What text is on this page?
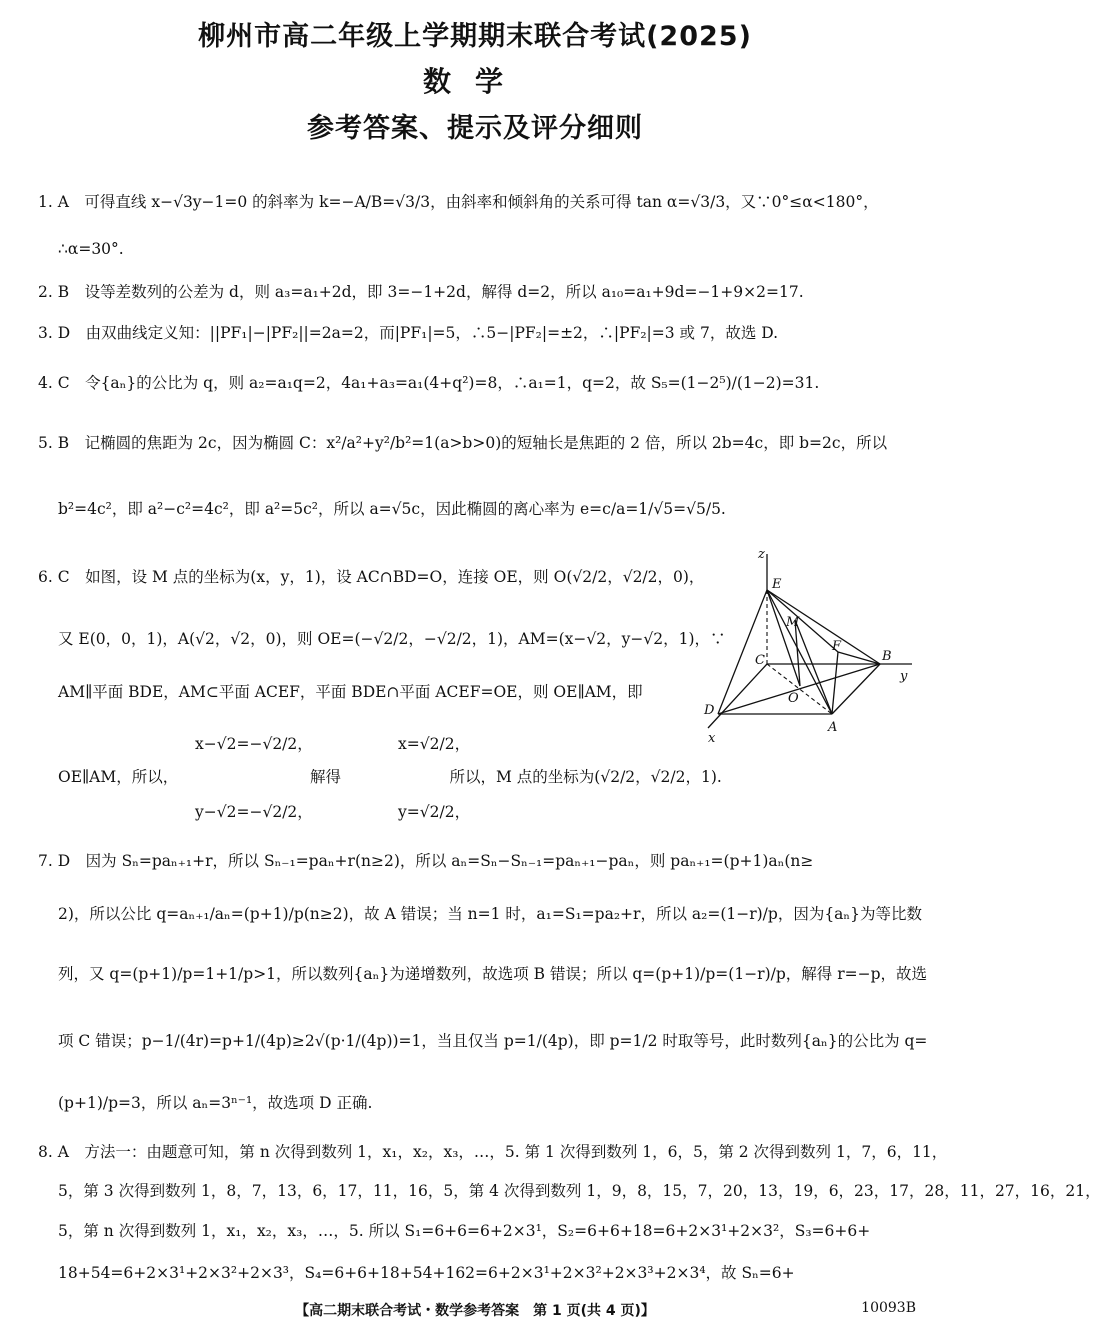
柳州市高二年级上学期期末联合考试(2025)
数学
参考答案、提示及评分细则
1. A　可得直线 x−√3y−1=0 的斜率为 k=−A/B=√3/3，由斜率和倾斜角的关系可得 tan α=√3/3，又∵0°≤α<180°，
∴α=30°.
2. B　设等差数列的公差为 d，则 a₃=a₁+2d，即 3=−1+2d，解得 d=2，所以 a₁₀=a₁+9d=−1+9×2=17.
3. D　由双曲线定义知：||PF₁|−|PF₂||=2a=2，而|PF₁|=5，∴5−|PF₂|=±2，∴|PF₂|=3 或 7，故选 D.
4. C　令{aₙ}的公比为 q，则 a₂=a₁q=2，4a₁+a₃=a₁(4+q²)=8，∴a₁=1，q=2，故 S₅=(1−2⁵)/(1−2)=31.
5. B　记椭圆的焦距为 2c，因为椭圆 C：x²/a²+y²/b²=1(a>b>0)的短轴长是焦距的 2 倍，所以 2b=4c，即 b=2c，所以
b²=4c²，即 a²−c²=4c²，即 a²=5c²，所以 a=√5c，因此椭圆的离心率为 e=c/a=1/√5=√5/5.
6. C　如图，设 M 点的坐标为(x，y，1)，设 AC∩BD=O，连接 OE，则 O(√2/2，√2/2，0)，
又 E(0，0，1)，A(√2，√2，0)，则 OE=(−√2/2，−√2/2，1)，AM=(x−√2，y−√2，1)，∵
AM∥平面 BDE，AM⊂平面 ACEF，平面 BDE∩平面 ACEF=OE，则 OE∥AM，即
x−√2=−√2/2，　　　　　　x=√2/2，
OE∥AM，所以，　　　　　　　　　解得　　　　　　　所以，M 点的坐标为(√2/2，√2/2，1).
y−√2=−√2/2，　　　　　　y=√2/2，
7. D　因为 Sₙ=paₙ₊₁+r，所以 Sₙ₋₁=paₙ+r(n≥2)，所以 aₙ=Sₙ−Sₙ₋₁=paₙ₊₁−paₙ，则 paₙ₊₁=(p+1)aₙ(n≥
2)，所以公比 q=aₙ₊₁/aₙ=(p+1)/p(n≥2)，故 A 错误；当 n=1 时，a₁=S₁=pa₂+r，所以 a₂=(1−r)/p，因为{aₙ}为等比数
列，又 q=(p+1)/p=1+1/p>1，所以数列{aₙ}为递增数列，故选项 B 错误；所以 q=(p+1)/p=(1−r)/p，解得 r=−p，故选
项 C 错误；p−1/(4r)=p+1/(4p)≥2√(p·1/(4p))=1，当且仅当 p=1/(4p)，即 p=1/2 时取等号，此时数列{aₙ}的公比为 q=
(p+1)/p=3，所以 aₙ=3ⁿ⁻¹，故选项 D 正确.
8. A　方法一：由题意可知，第 n 次得到数列 1，x₁，x₂，x₃，…，5. 第 1 次得到数列 1，6，5，第 2 次得到数列 1，7，6，11，
5，第 3 次得到数列 1，8，7，13，6，17，11，16，5，第 4 次得到数列 1，9，8，15，7，20，13，19，6，23，17，28，11，27，16，21，
5，第 n 次得到数列 1，x₁，x₂，x₃，…，5. 所以 S₁=6+6=6+2×3¹，S₂=6+6+18=6+2×3¹+2×3²，S₃=6+6+
18+54=6+2×3¹+2×3²+2×3³，S₄=6+6+18+54+162=6+2×3¹+2×3²+2×3³+2×3⁴，故 Sₙ=6+
z
y
x
E
M
F
C	B
O
D
A
【高二期末联合考试・数学参考答案　第 1 页(共 4 页)】	10093B
